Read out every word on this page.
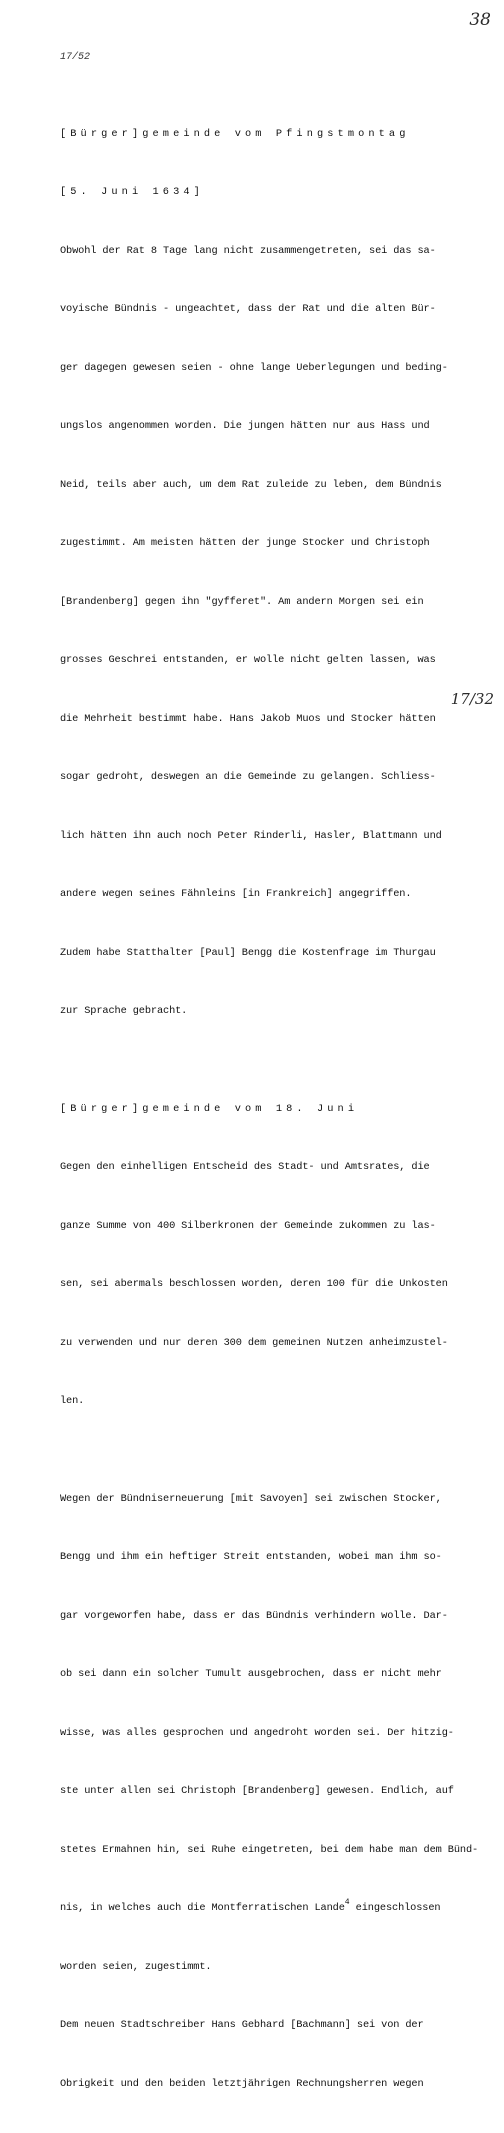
38
17/52

[Bürger]gemeinde vom Pfingstmontag

[5. Juni 1634]

Obwohl der Rat 8 Tage lang nicht zusammengetreten, sei das sa-

voyische Bündnis - ungeachtet, dass der Rat und die alten Bür-

ger dagegen gewesen seien - ohne lange Ueberlegungen und beding-

ungslos angenommen worden. Die jungen hätten nur aus Hass und

Neid, teils aber auch, um dem Rat zuleide zu leben, dem Bündnis

zugestimmt. Am meisten hätten der junge Stocker und Christoph

[Brandenberg] gegen ihn "gyfferet". Am andern Morgen sei ein

grosses Geschrei entstanden, er wolle nicht gelten lassen, was

die Mehrheit bestimmt habe. Hans Jakob Muos und Stocker hätten

sogar gedroht, deswegen an die Gemeinde zu gelangen. Schliess-

lich hätten ihn auch noch Peter Rinderli, Hasler, Blattmann und

andere wegen seines Fähnleins [in Frankreich] angegriffen.

Zudem habe Statthalter [Paul] Bengg die Kostenfrage im Thurgau

zur Sprache gebracht.

[Bürger]gemeinde vom 18. Juni

Gegen den einhelligen Entscheid des Stadt- und Amtsrates, die

ganze Summe von 400 Silberkronen der Gemeinde zukommen zu las-

sen, sei abermals beschlossen worden, deren 100 für die Unkosten

zu verwenden und nur deren 300 dem gemeinen Nutzen anheimzustel-

len.

Wegen der Bündniserneuerung [mit Savoyen] sei zwischen Stocker,

Bengg und ihm ein heftiger Streit entstanden, wobei man ihm so-

gar vorgeworfen habe, dass er das Bündnis verhindern wolle. Dar-

ob sei dann ein solcher Tumult ausgebrochen, dass er nicht mehr

wisse, was alles gesprochen und angedroht worden sei. Der hitzig-

ste unter allen sei Christoph [Brandenberg] gewesen. Endlich, auf

stetes Ermahnen hin, sei Ruhe eingetreten, bei dem habe man dem Bünd-

nis, in welches auch die Montferratischen Lande$^4$ eingeschlossen

worden seien, zugestimmt.

Dem neuen Stadtschreiber Hans Gebhard [Bachmann] sei von der

Obrigkeit und den beiden letztjährigen Rechnungsherren wegen

17/32
